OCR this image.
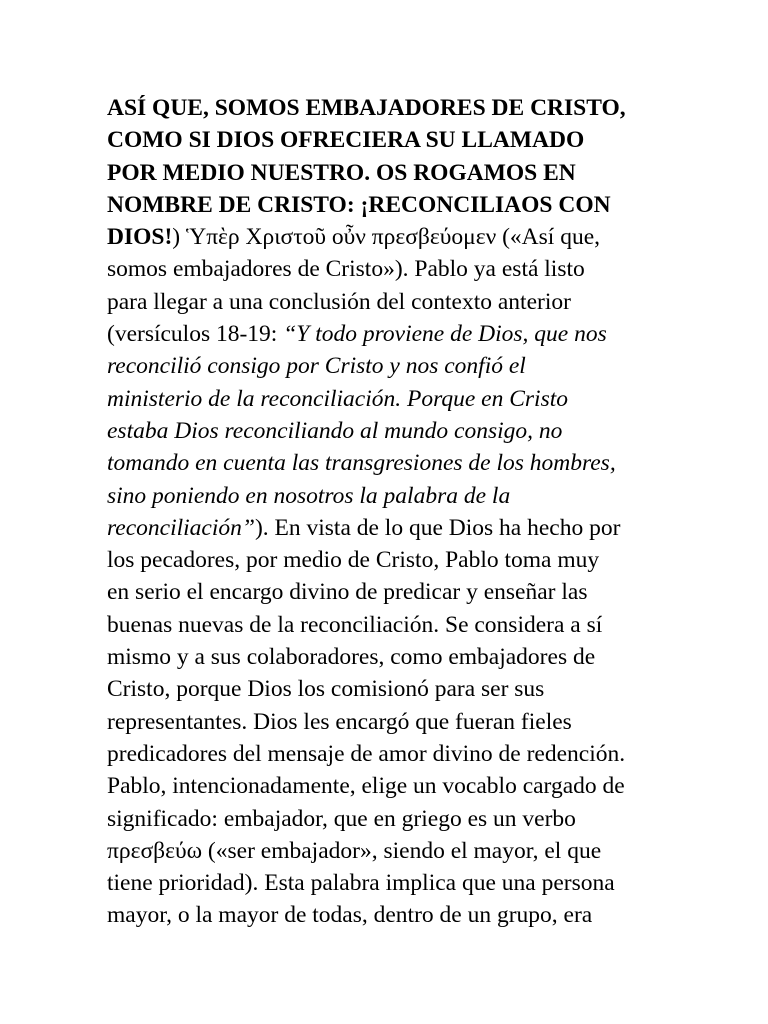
ASÍ QUE, SOMOS EMBAJADORES DE CRISTO,
COMO SI DIOS OFRECIERA SU LLAMADO
POR MEDIO NUESTRO. OS ROGAMOS EN
NOMBRE DE CRISTO: ¡RECONCILIAOS CON
DIOS!) Ὑπὲρ Χριστοῦ οὖν πρεσβεύομεν («Así que,
somos embajadores de Cristo»). Pablo ya está listo
para llegar a una conclusión del contexto anterior
(versículos 18-19: “Y todo proviene de Dios, que nos
reconcilió consigo por Cristo y nos confió el
ministerio de la reconciliación. Porque en Cristo
estaba Dios reconciliando al mundo consigo, no
tomando en cuenta las transgresiones de los hombres,
sino poniendo en nosotros la palabra de la
reconciliación”). En vista de lo que Dios ha hecho por
los pecadores, por medio de Cristo, Pablo toma muy
en serio el encargo divino de predicar y enseñar las
buenas nuevas de la reconciliación. Se considera a sí
mismo y a sus colaboradores, como embajadores de
Cristo, porque Dios los comisionó para ser sus
representantes. Dios les encargó que fueran fieles
predicadores del mensaje de amor divino de redención.
Pablo, intencionadamente, elige un vocablo cargado de
significado: embajador, que en griego es un verbo
πρεσβεύω («ser embajador», siendo el mayor, el que
tiene prioridad). Esta palabra implica que una persona
mayor, o la mayor de todas, dentro de un grupo, era
